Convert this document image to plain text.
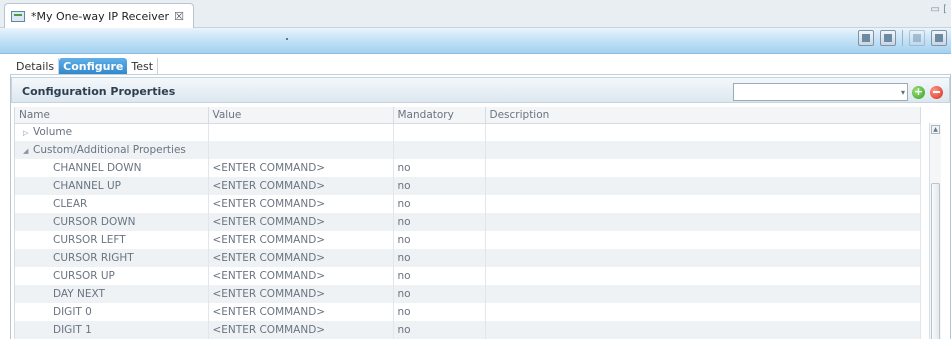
*My One-way IP Receiver ☒	▭ [
Details Configure Test
Configuration Properties	▾ +
Name	Value	Mandatory	Description
▷ Volume			
◢ Custom/Additional Properties			
CHANNEL DOWN	<ENTER COMMAND>	no	
CHANNEL UP	<ENTER COMMAND>	no	
CLEAR	<ENTER COMMAND>	no	
CURSOR DOWN	<ENTER COMMAND>	no	
CURSOR LEFT	<ENTER COMMAND>	no	
CURSOR RIGHT	<ENTER COMMAND>	no	
CURSOR UP	<ENTER COMMAND>	no	
DAY NEXT	<ENTER COMMAND>	no	
DIGIT 0	<ENTER COMMAND>	no	
DIGIT 1	<ENTER COMMAND>	no	
▲
